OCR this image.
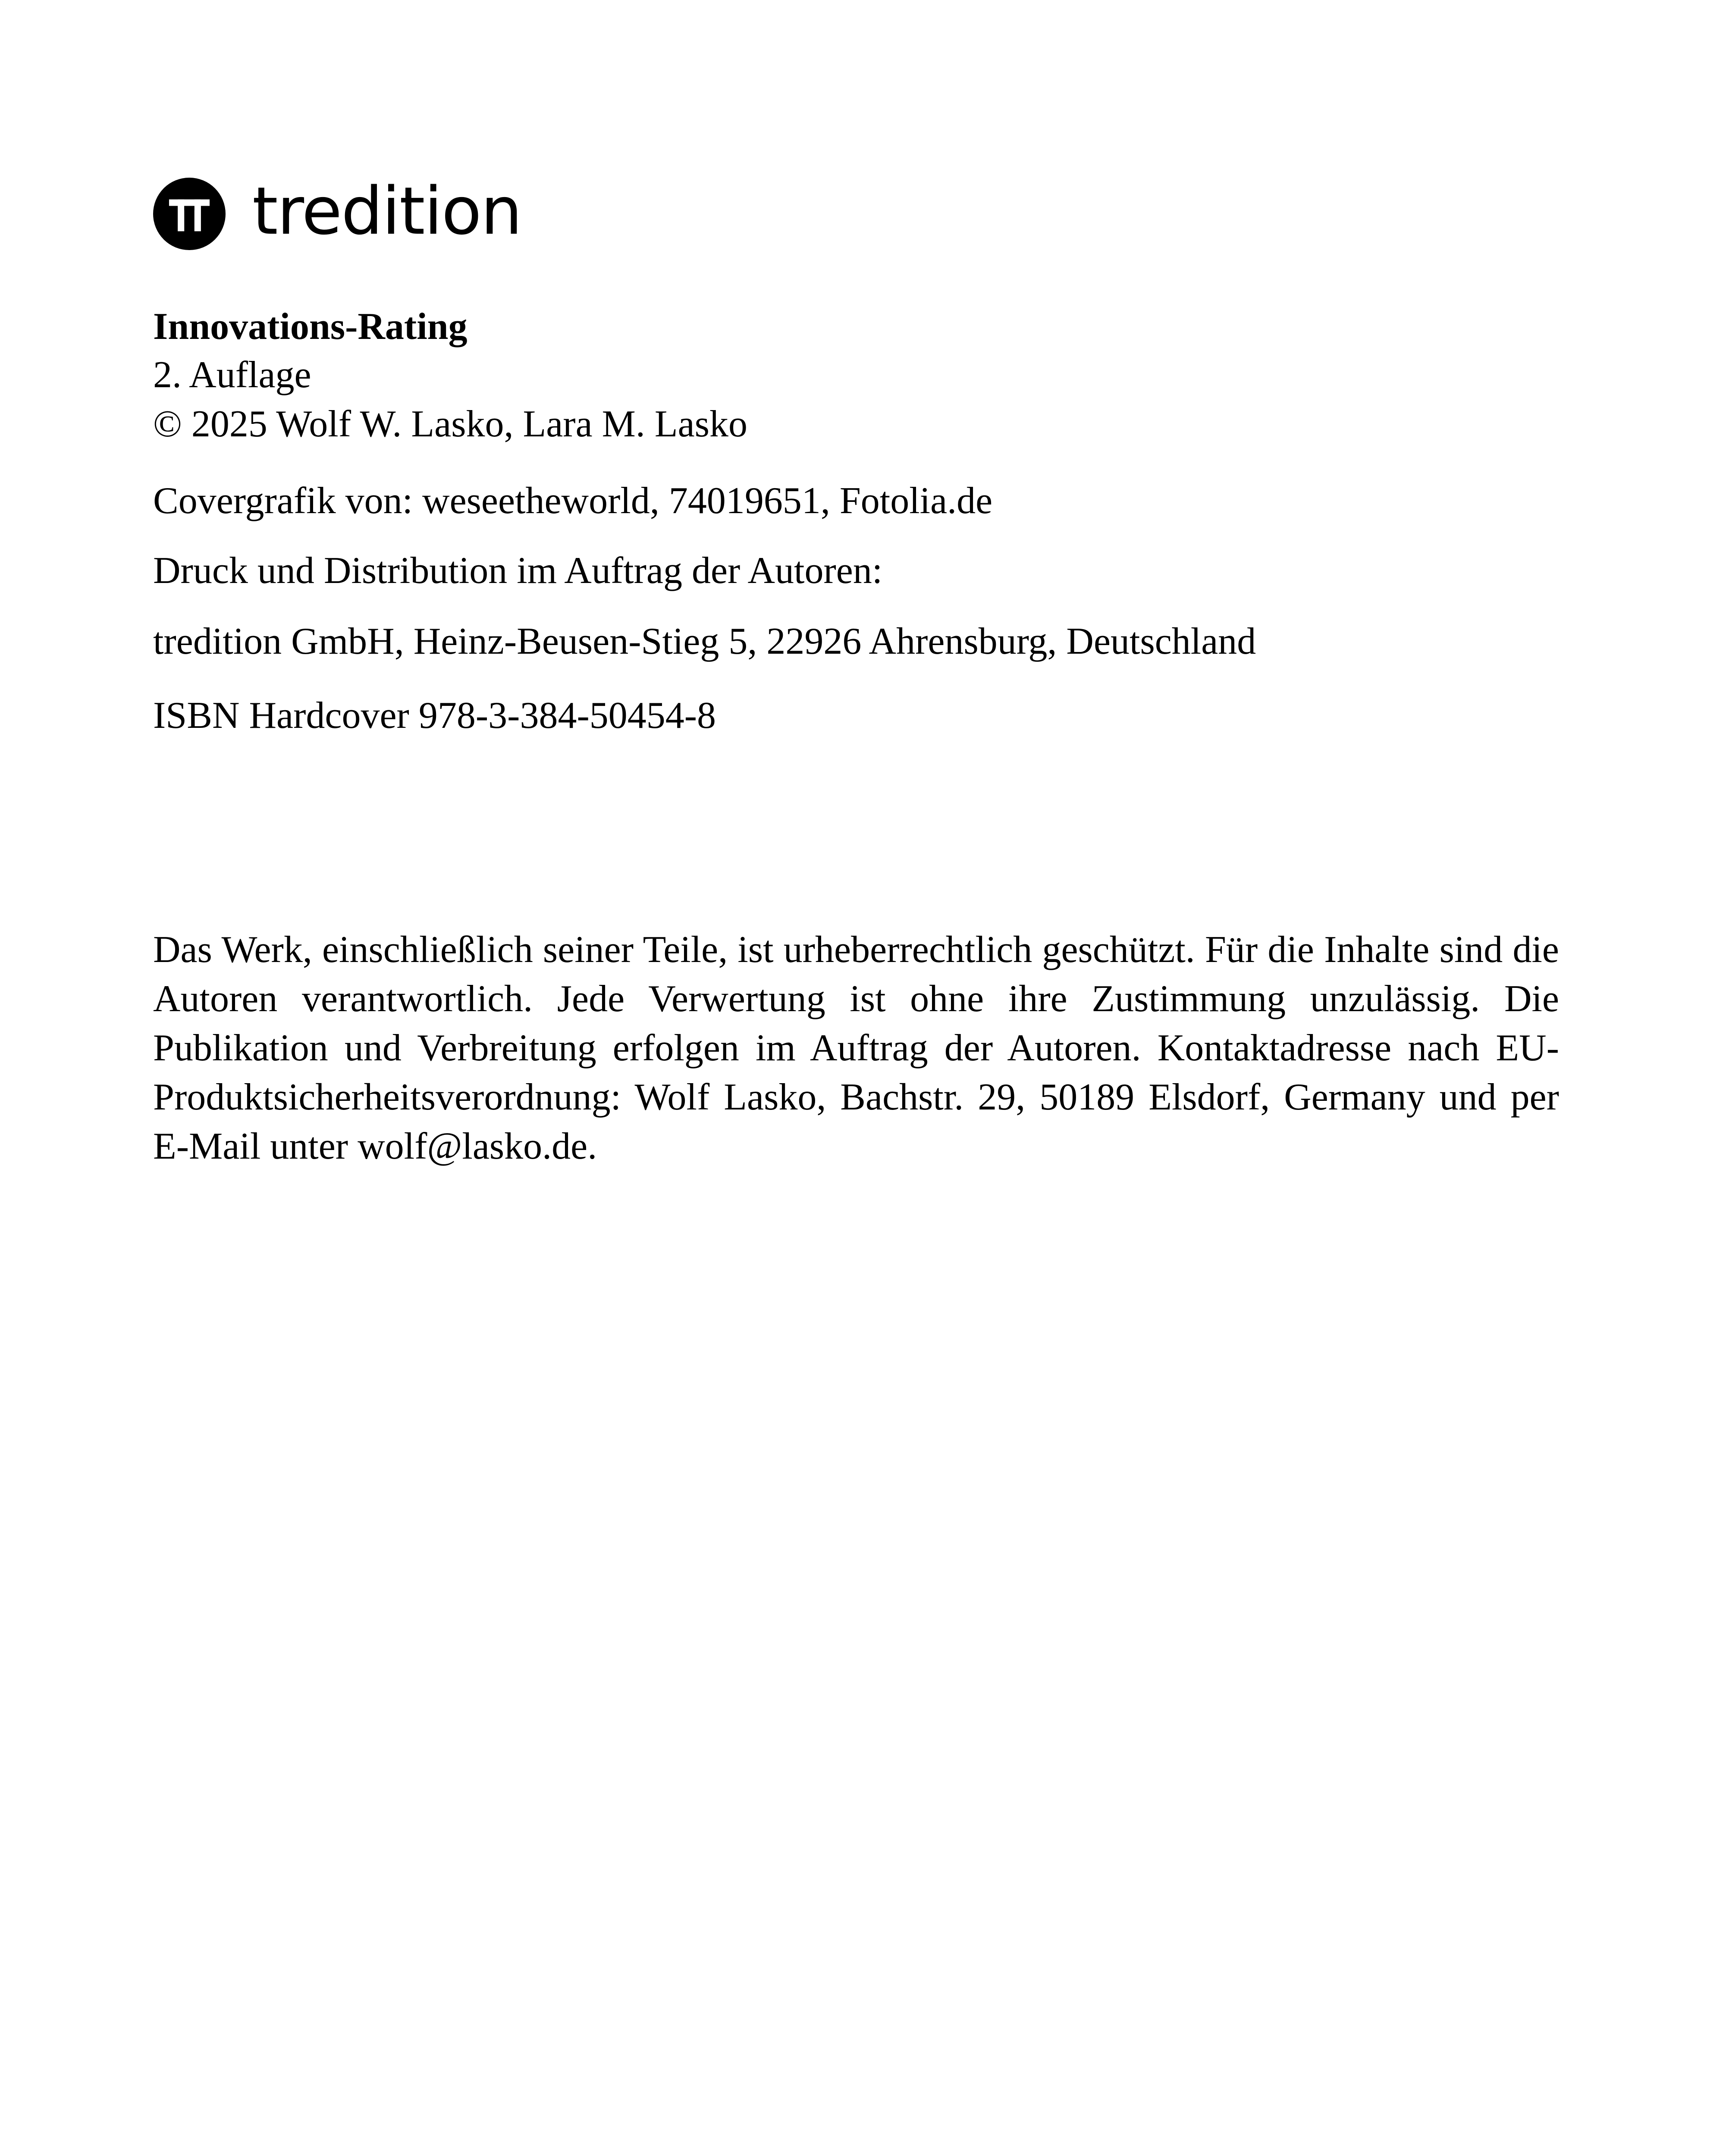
tredition
Innovations-Rating
2. Auflage
© 2025 Wolf W. Lasko, Lara M. Lasko
Covergrafik von: weseetheworld, 74019651, Fotolia.de
Druck und Distribution im Auftrag der Autoren:
tredition GmbH, Heinz-Beusen-Stieg 5, 22926 Ahrensburg, Deutschland
ISBN Hardcover 978-3-384-50454-8

Das Werk, einschließlich seiner Teile, ist urheberrechtlich geschützt. Für die Inhalte sind die Autoren verantwortlich. Jede Verwertung ist ohne ihre Zustimmung unzulässig. Die Publikation und Verbreitung erfolgen im Auftrag der Autoren. Kontaktadresse nach EU-Produktsicherheitsverordnung: Wolf Lasko, Bachstr. 29, 50189 Elsdorf, Germany und per E-Mail unter wolf@lasko.de.
